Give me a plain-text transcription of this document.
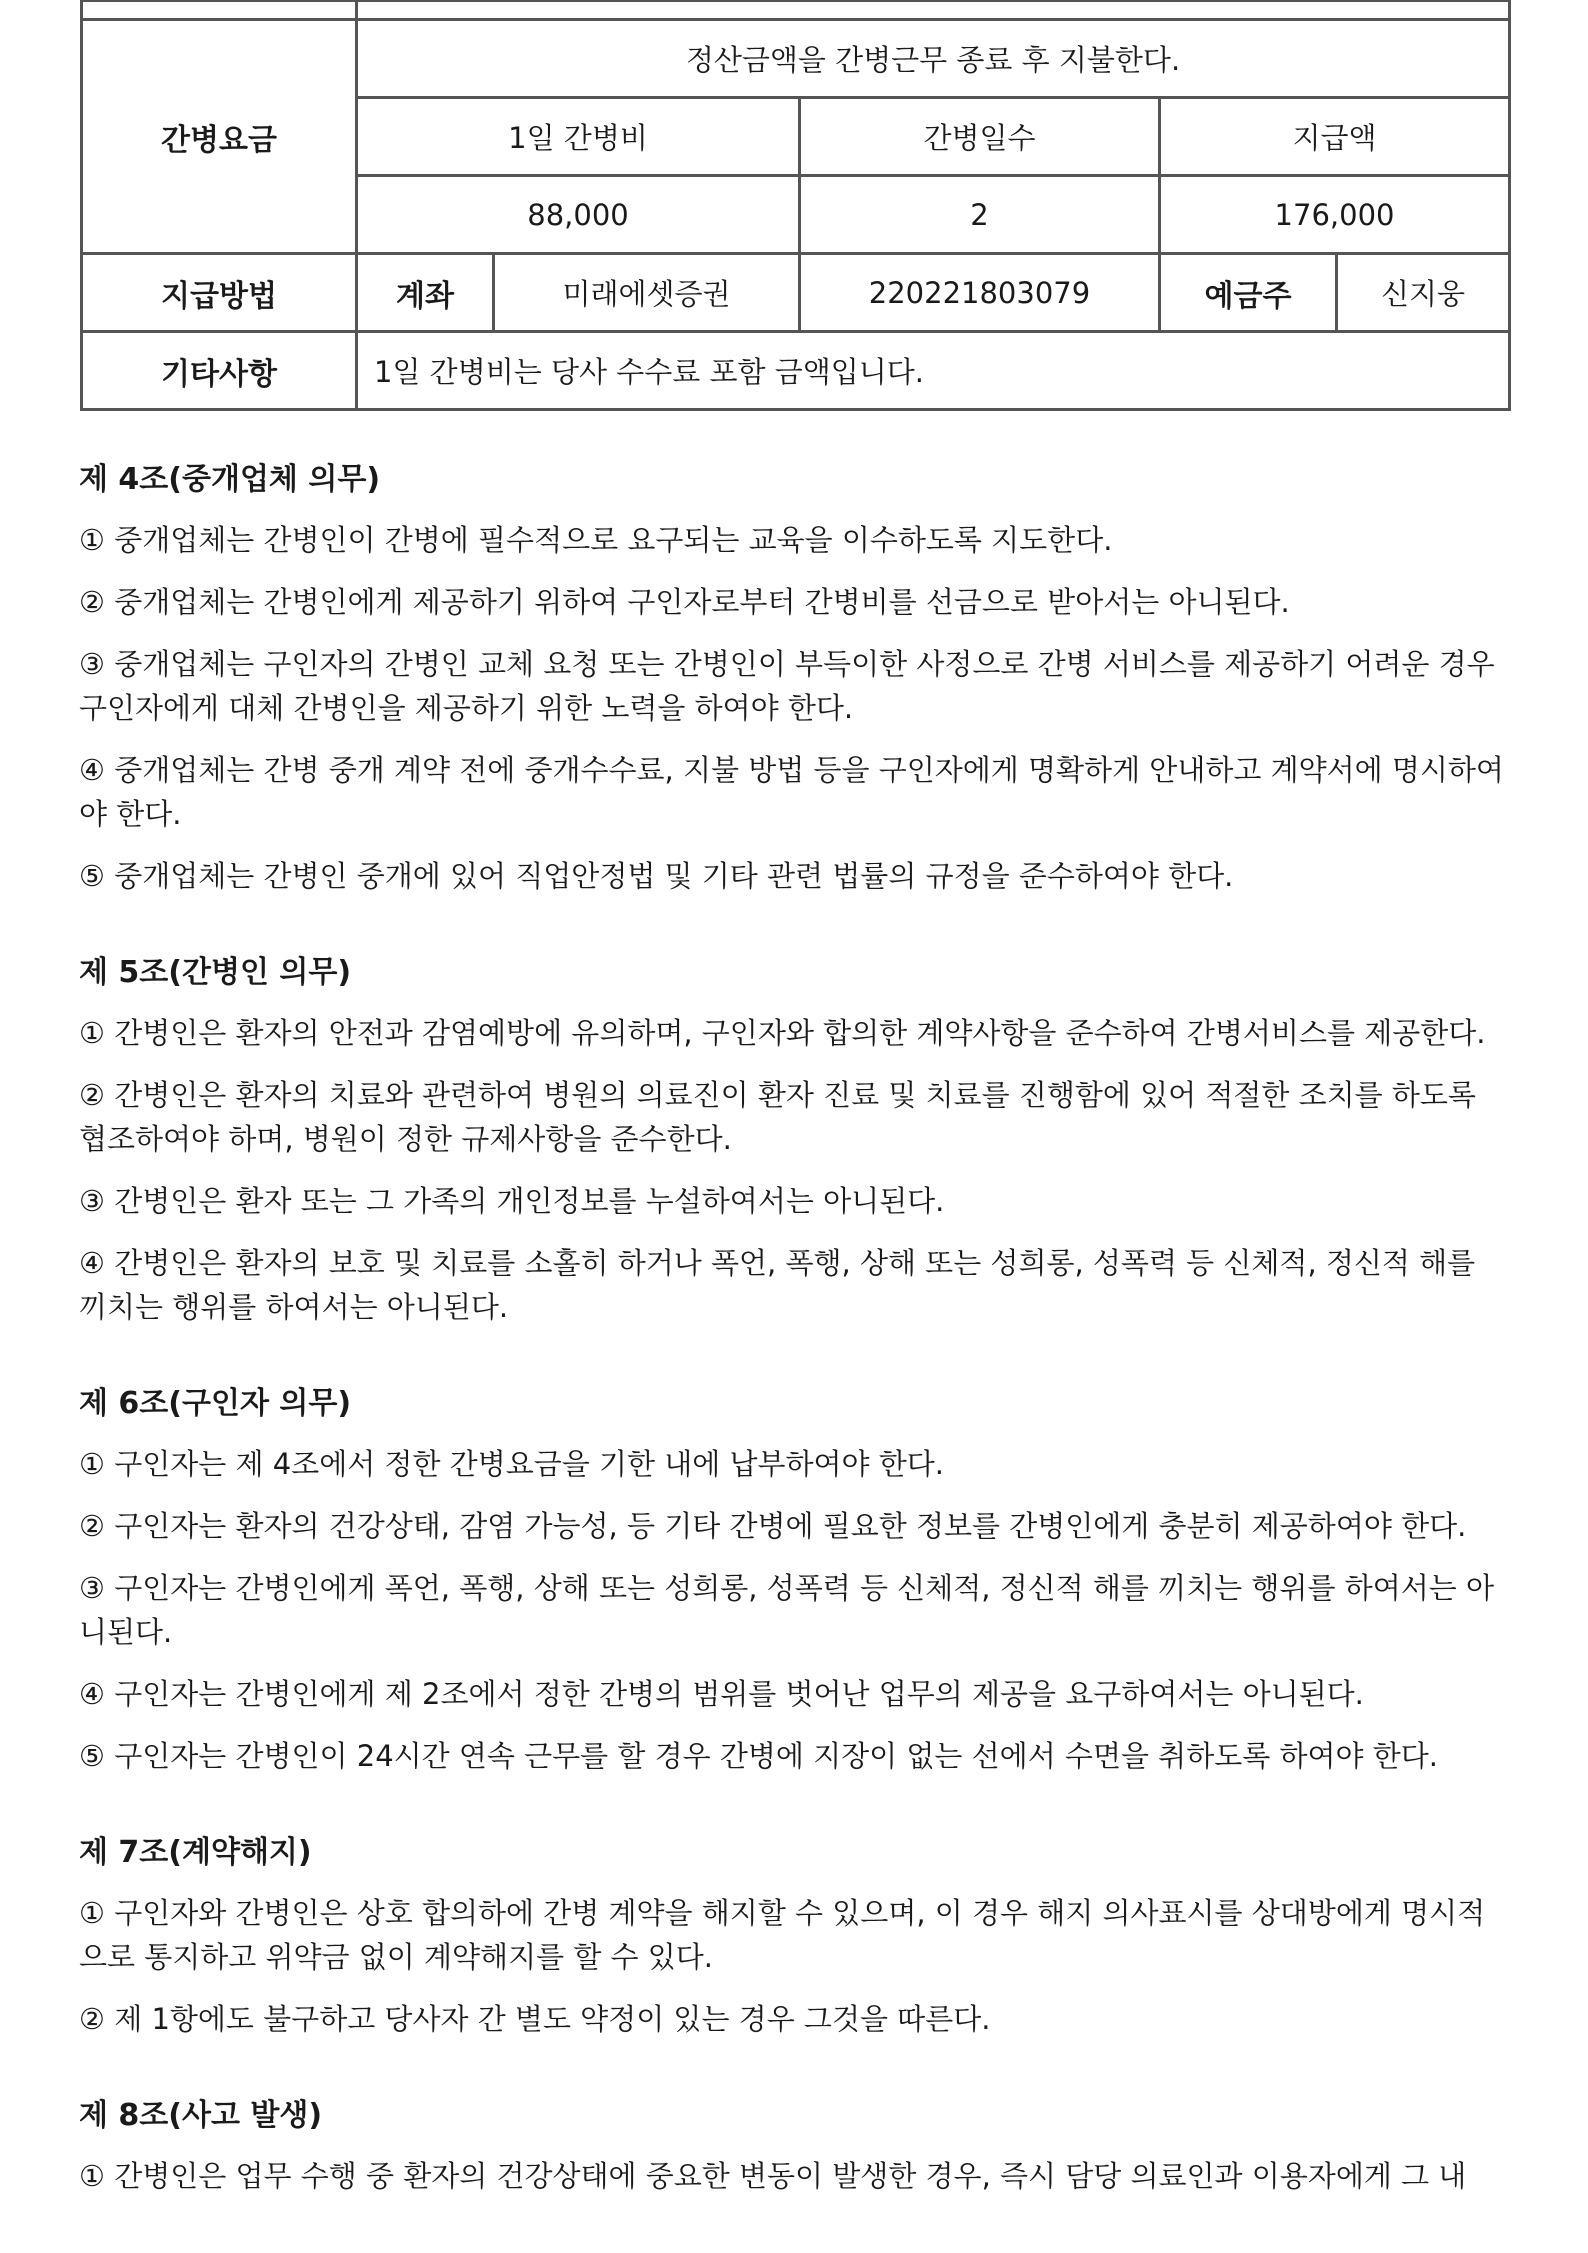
간병요금	정산금액을 간병근무 종료 후 지불한다.				
	1일 간병비		간병일수	지급액	
	88,000		2	176,000	
지급방법	계좌	미래에셋증권	220221803079	예금주	신지웅
기타사항	1일 간병비는 당사 수수료 포함 금액입니다.				
제 4조(중개업체 의무)
① 중개업체는 간병인이 간병에 필수적으로 요구되는 교육을 이수하도록 지도한다.
② 중개업체는 간병인에게 제공하기 위하여 구인자로부터 간병비를 선금으로 받아서는 아니된다.
③ 중개업체는 구인자의 간병인 교체 요청 또는 간병인이 부득이한 사정으로 간병 서비스를 제공하기 어려운 경우 구인자에게 대체 간병인을 제공하기 위한 노력을 하여야 한다.
④ 중개업체는 간병 중개 계약 전에 중개수수료, 지불 방법 등을 구인자에게 명확하게 안내하고 계약서에 명시하여야 한다.
⑤ 중개업체는 간병인 중개에 있어 직업안정법 및 기타 관련 법률의 규정을 준수하여야 한다.
제 5조(간병인 의무)
① 간병인은 환자의 안전과 감염예방에 유의하며, 구인자와 합의한 계약사항을 준수하여 간병서비스를 제공한다.
② 간병인은 환자의 치료와 관련하여 병원의 의료진이 환자 진료 및 치료를 진행함에 있어 적절한 조치를 하도록 협조하여야 하며, 병원이 정한 규제사항을 준수한다.
③ 간병인은 환자 또는 그 가족의 개인정보를 누설하여서는 아니된다.
④ 간병인은 환자의 보호 및 치료를 소홀히 하거나 폭언, 폭행, 상해 또는 성희롱, 성폭력 등 신체적, 정신적 해를 끼치는 행위를 하여서는 아니된다.
제 6조(구인자 의무)
① 구인자는 제 4조에서 정한 간병요금을 기한 내에 납부하여야 한다.
② 구인자는 환자의 건강상태, 감염 가능성, 등 기타 간병에 필요한 정보를 간병인에게 충분히 제공하여야 한다.
③ 구인자는 간병인에게 폭언, 폭행, 상해 또는 성희롱, 성폭력 등 신체적, 정신적 해를 끼치는 행위를 하여서는 아니된다.
④ 구인자는 간병인에게 제 2조에서 정한 간병의 범위를 벗어난 업무의 제공을 요구하여서는 아니된다.
⑤ 구인자는 간병인이 24시간 연속 근무를 할 경우 간병에 지장이 없는 선에서 수면을 취하도록 하여야 한다.
제 7조(계약해지)
① 구인자와 간병인은 상호 합의하에 간병 계약을 해지할 수 있으며, 이 경우 해지 의사표시를 상대방에게 명시적으로 통지하고 위약금 없이 계약해지를 할 수 있다.
② 제 1항에도 불구하고 당사자 간 별도 약정이 있는 경우 그것을 따른다.
제 8조(사고 발생)
① 간병인은 업무 수행 중 환자의 건강상태에 중요한 변동이 발생한 경우, 즉시 담당 의료인과 이용자에게 그 내
